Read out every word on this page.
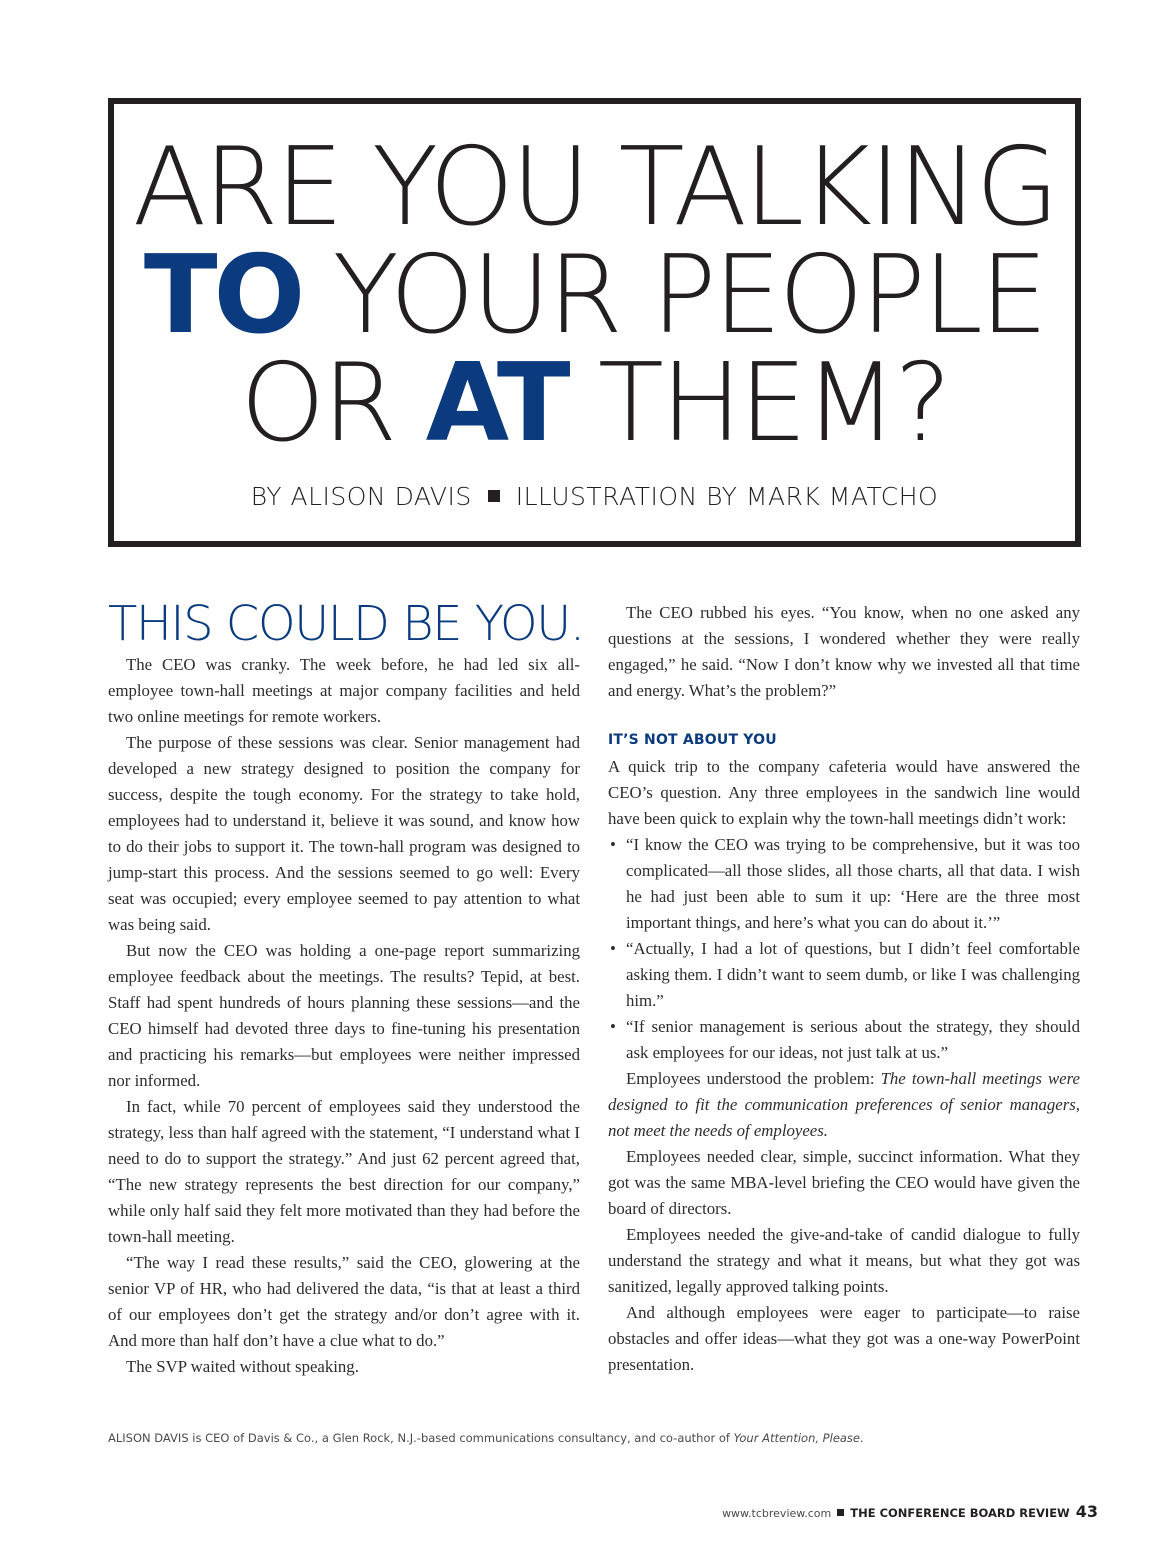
ARE YOU TALKING
TO YOUR PEOPLE
OR AT THEM?
BY ALISON DAVIS ILLUSTRATION BY MARK MATCHO
THIS COULD BE YOU.

The CEO was cranky. The week before, he had led six all-employee town-hall meetings at major company facilities and held two online meetings for remote workers.

The purpose of these sessions was clear. Senior management had developed a new strategy designed to position the company for success, despite the tough economy. For the strategy to take hold, employees had to understand it, believe it was sound, and know how to do their jobs to support it. The town-hall program was designed to jump-start this process. And the sessions seemed to go well: Every seat was occupied; every employee seemed to pay attention to what was being said.

But now the CEO was holding a one-page report summarizing employee feedback about the meetings. The results? Tepid, at best. Staff had spent hundreds of hours planning these sessions—and the CEO himself had devoted three days to fine-tuning his presentation and practicing his remarks—but employees were neither impressed nor informed.

In fact, while 70 percent of employees said they understood the strategy, less than half agreed with the statement, “I understand what I need to do to support the strategy.” And just 62 percent agreed that, “The new strategy represents the best direction for our company,” while only half said they felt more motivated than they had before the town-hall meeting.

“The way I read these results,” said the CEO, glowering at the senior VP of HR, who had delivered the data, “is that at least a third of our employees don’t get the strategy and/or don’t agree with it. And more than half don’t have a clue what to do.”

The SVP waited without speaking.

The CEO rubbed his eyes. “You know, when no one asked any questions at the sessions, I wondered whether they were really engaged,” he said. “Now I don’t know why we invested all that time and energy. What’s the problem?”

IT’S NOT ABOUT YOU

A quick trip to the company cafeteria would have answered the CEO’s question. Any three employees in the sandwich line would have been quick to explain why the town-hall meetings didn’t work:

• “I know the CEO was trying to be comprehensive, but it was too complicated—all those slides, all those charts, all that data. I wish he had just been able to sum it up: ‘Here are the three most important things, and here’s what you can do about it.’”
• “Actually, I had a lot of questions, but I didn’t feel comfortable asking them. I didn’t want to seem dumb, or like I was challenging him.”
• “If senior management is serious about the strategy, they should ask employees for our ideas, not just talk at us.”

Employees understood the problem: The town-hall meetings were designed to fit the communication preferences of senior managers, not meet the needs of employees.

Employees needed clear, simple, succinct information. What they got was the same MBA-level briefing the CEO would have given the board of directors.

Employees needed the give-and-take of candid dialogue to fully understand the strategy and what it means, but what they got was sanitized, legally approved talking points.

And although employees were eager to participate—to raise obstacles and offer ideas—what they got was a one-way PowerPoint presentation.

ALISON DAVIS is CEO of Davis & Co., a Glen Rock, N.J.-based communications consultancy, and co-author of Your Attention, Please.
www.tcbreview.com THE CONFERENCE BOARD REVIEW 43
